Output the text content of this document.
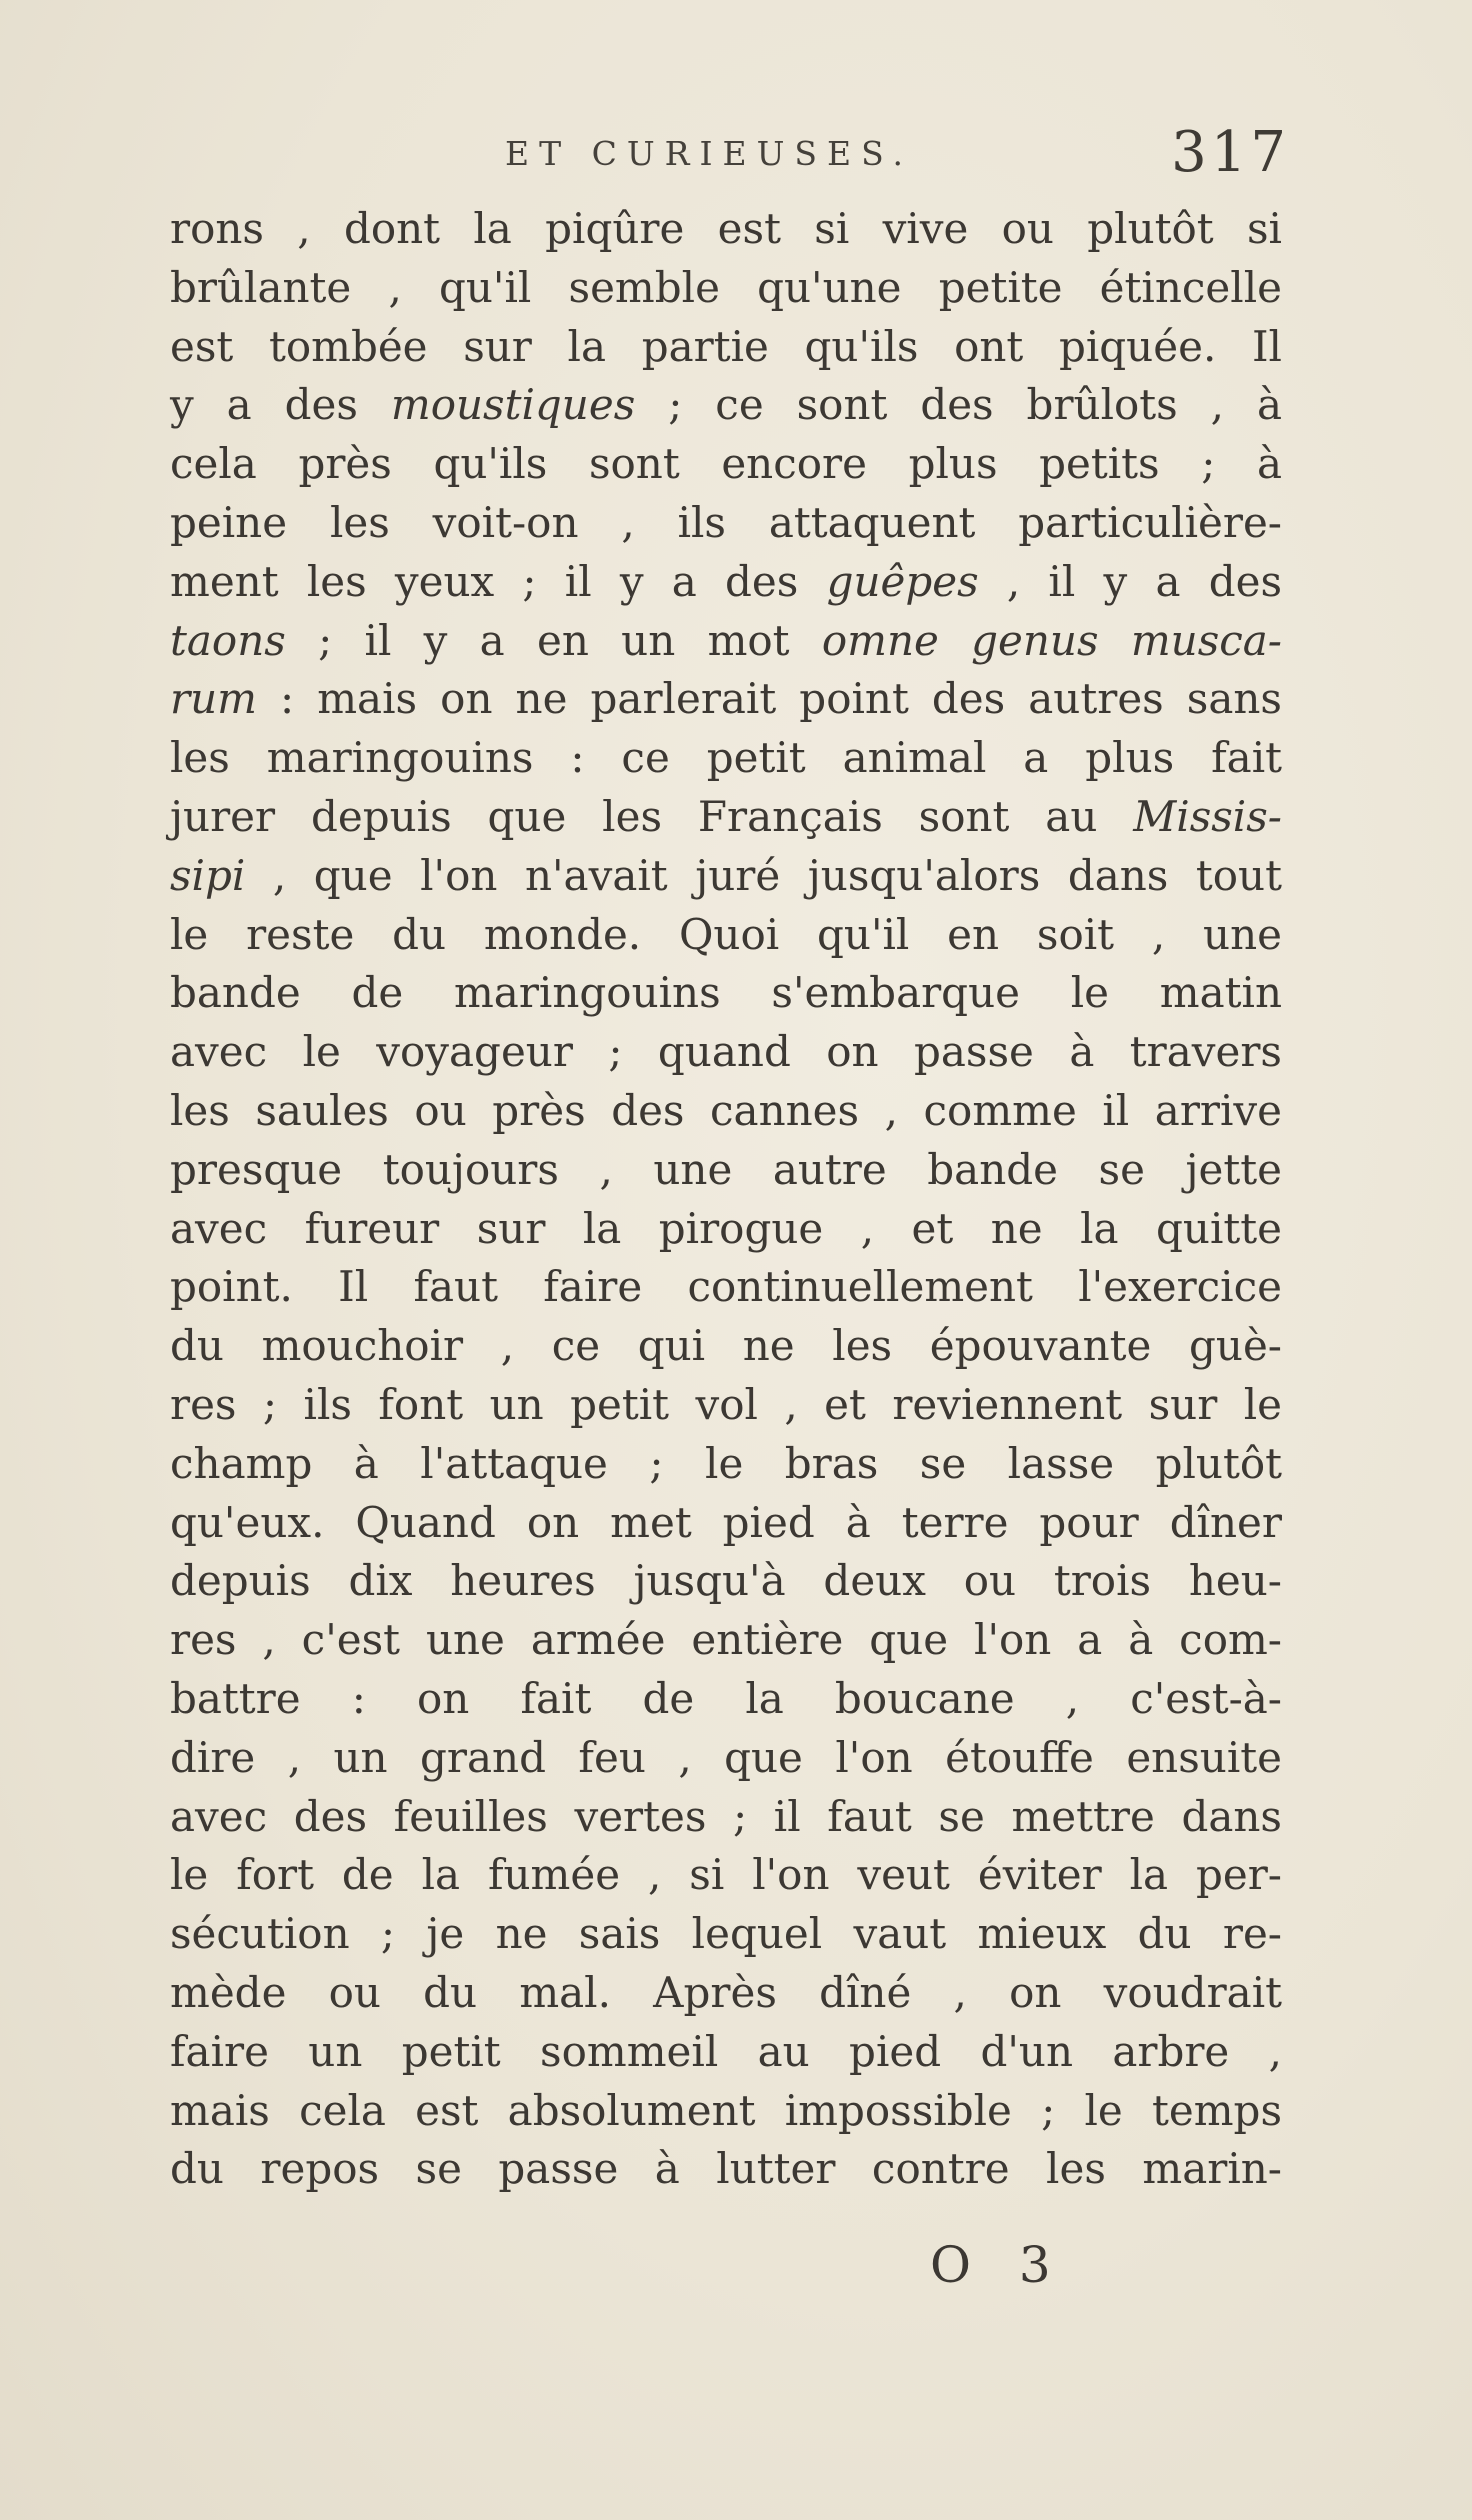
ET CURIEUSES.	317
rons , dont la piqûre est si vive ou plutôt si
brûlante , qu'il semble qu'une petite étincelle
est tombée sur la partie qu'ils ont piquée. Il
y a des moustiques ; ce sont des brûlots , à
cela près qu'ils sont encore plus petits ; à
peine les voit-on , ils attaquent particulière-
ment les yeux ; il y a des guêpes , il y a des
taons ; il y a en un mot omne genus musca-
rum : mais on ne parlerait point des autres sans
les maringouins : ce petit animal a plus fait
jurer depuis que les Français sont au Missis-
sipi , que l'on n'avait juré jusqu'alors dans tout
le reste du monde. Quoi qu'il en soit , une
bande de maringouins s'embarque le matin
avec le voyageur ; quand on passe à travers
les saules ou près des cannes , comme il arrive
presque toujours , une autre bande se jette
avec fureur sur la pirogue , et ne la quitte
point. Il faut faire continuellement l'exercice
du mouchoir , ce qui ne les épouvante guè-
res ; ils font un petit vol , et reviennent sur le
champ à l'attaque ; le bras se lasse plutôt
qu'eux. Quand on met pied à terre pour dîner
depuis dix heures jusqu'à deux ou trois heu-
res , c'est une armée entière que l'on a à com-
battre : on fait de la boucane , c'est-à-
dire , un grand feu , que l'on étouffe ensuite
avec des feuilles vertes ; il faut se mettre dans
le fort de la fumée , si l'on veut éviter la per-
sécution ; je ne sais lequel vaut mieux du re-
mède ou du mal. Après dîné , on voudrait
faire un petit sommeil au pied d'un arbre ,
mais cela est absolument impossible ; le temps
du repos se passe à lutter contre les marin-
O 3
